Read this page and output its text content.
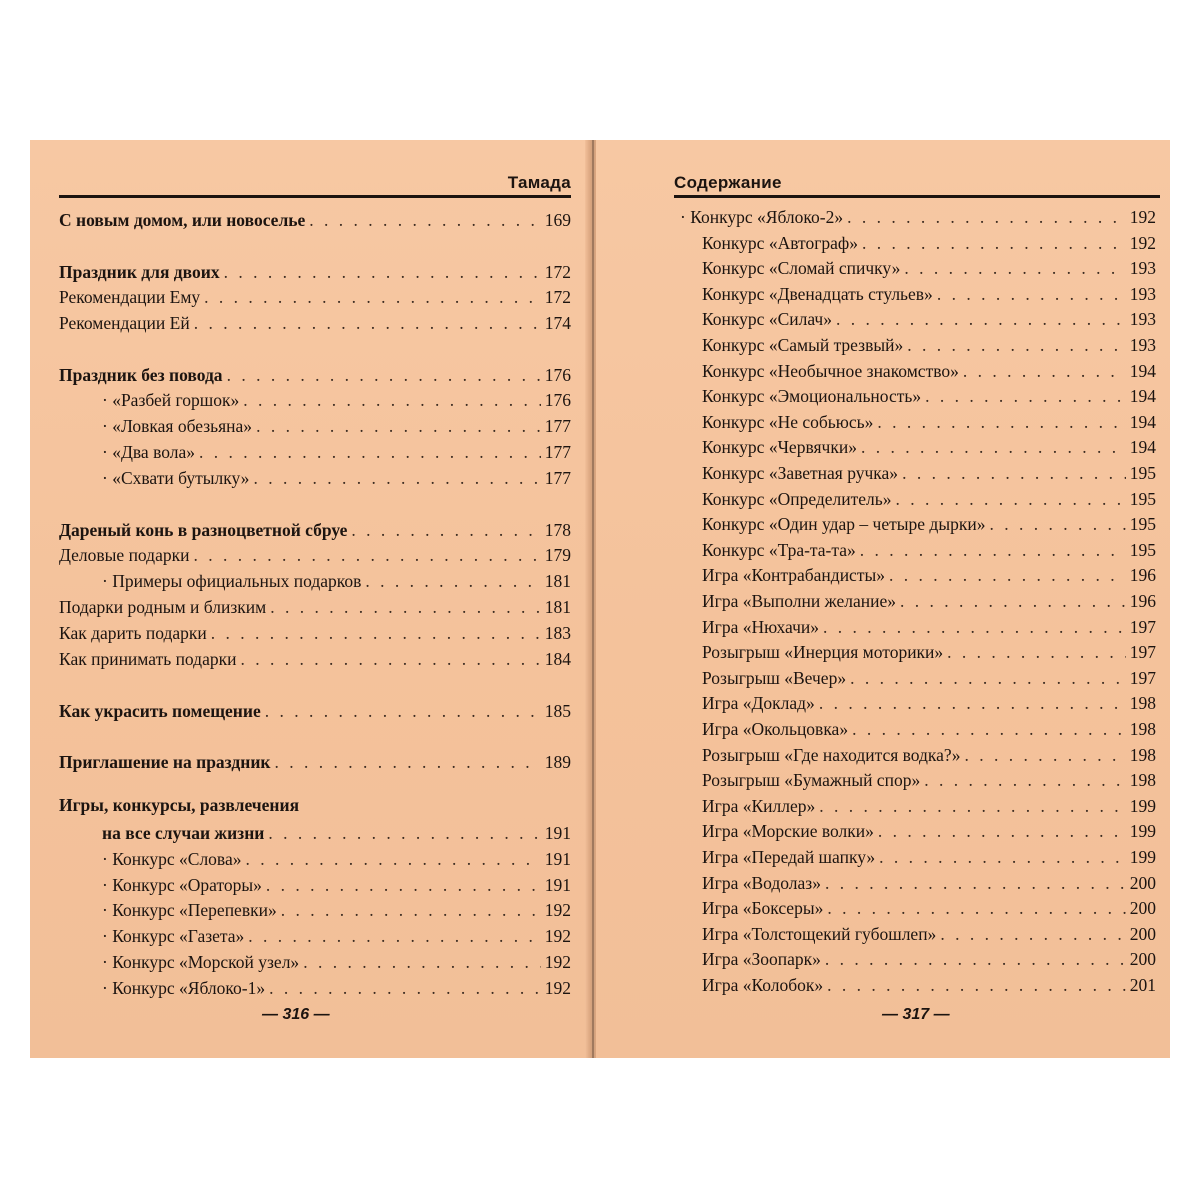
Тамада
С новым домом, или новоселье . . .	169
Праздник для двоих . . .	172
Рекомендации Ему . . .	172
Рекомендации Ей . . .	174
Праздник без повода . . .	176
· «Разбей горшок» . . .	176
· «Ловкая обезьяна» . . .	177
· «Два вола» . . .	177
· «Схвати бутылку» . . .	177
Дареный конь в разноцветной сбруе . . .	178
Деловые подарки . . .	179
· Примеры официальных подарков . . .	181
Подарки родным и близким . . .	181
Как дарить подарки . . .	183
Как принимать подарки . . .	184
Как украсить помещение . . .	185
Приглашение на праздник . . .	189
Игры, конкурсы, развлечения
на все случаи жизни . . .	191
· Конкурс «Слова» . . .	191
· Конкурс «Ораторы» . . .	191
· Конкурс «Перепевки» . . .	192
· Конкурс «Газета» . . .	192
· Конкурс «Морской узел» . . .	192
· Конкурс «Яблоко-1» . . .	192
— 316 —
Содержание
· Конкурс «Яблоко-2» . . .	192
Конкурс «Автограф» . . .	192
Конкурс «Сломай спичку» . . .	193
Конкурс «Двенадцать стульев» . . .	193
Конкурс «Силач» . . .	193
Конкурс «Самый трезвый» . . .	193
Конкурс «Необычное знакомство» . . .	194
Конкурс «Эмоциональность» . . .	194
Конкурс «Не собьюсь» . . .	194
Конкурс «Червячки» . . .	194
Конкурс «Заветная ручка» . . .	195
Конкурс «Определитель» . . .	195
Конкурс «Один удар – четыре дырки» . . .	195
Конкурс «Тра-та-та» . . .	195
Игра «Контрабандисты» . . .	196
Игра «Выполни желание» . . .	196
Игра «Нюхачи» . . .	197
Розыгрыш «Инерция моторики» . . .	197
Розыгрыш «Вечер» . . .	197
Игра «Доклад» . . .	198
Игра «Окольцовка» . . .	198
Розыгрыш «Где находится водка?» . . .	198
Розыгрыш «Бумажный спор» . . .	198
Игра «Киллер» . . .	199
Игра «Морские волки» . . .	199
Игра «Передай шапку» . . .	199
Игра «Водолаз» . . .	200
Игра «Боксеры» . . .	200
Игра «Толстощекий губошлеп» . . .	200
Игра «Зоопарк» . . .	200
Игра «Колобок» . . .	201
— 317 —
